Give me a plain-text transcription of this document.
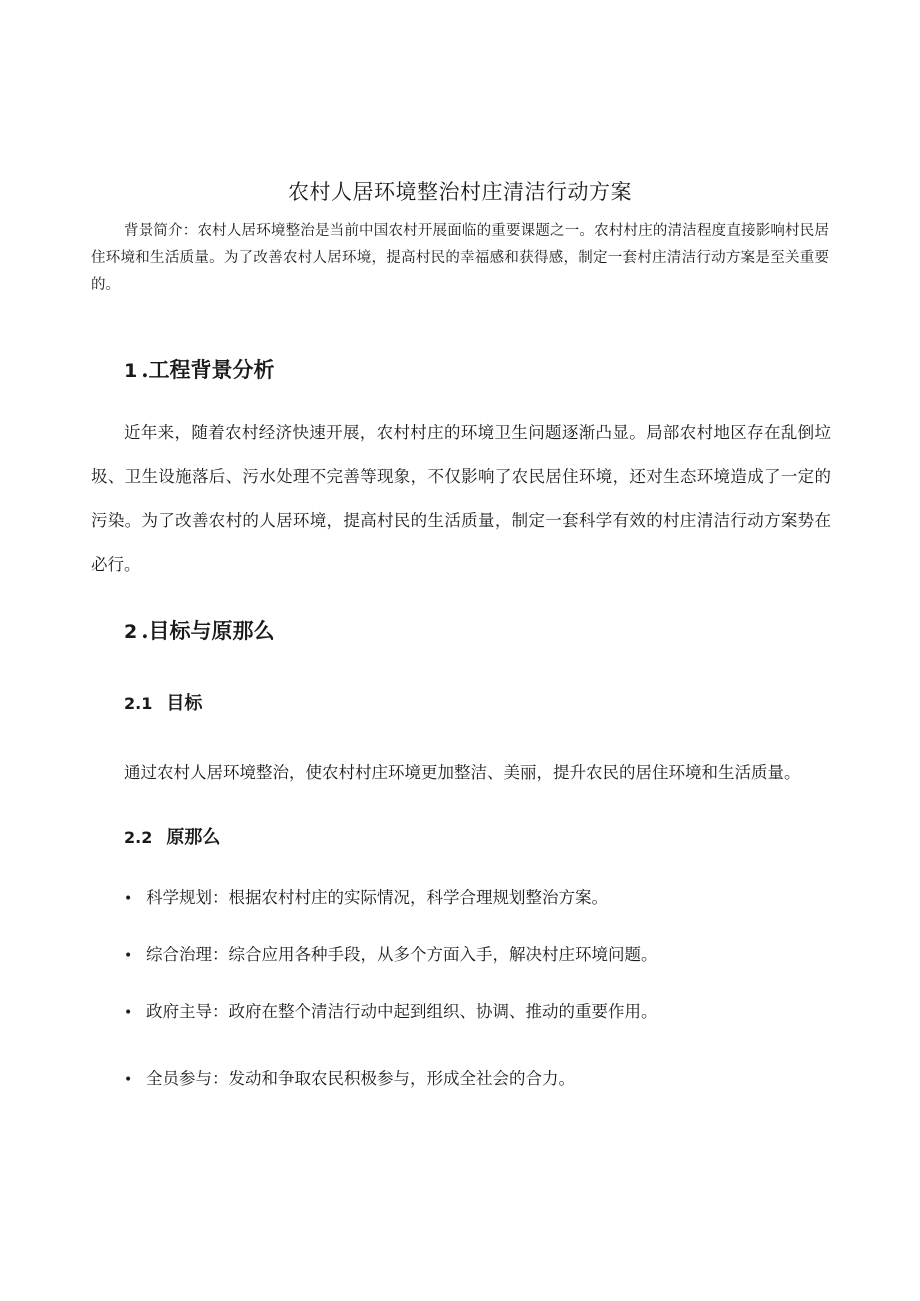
农村人居环境整治村庄清洁行动方案

背景简介：农村人居环境整治是当前中国农村开展面临的重要课题之一。农村村庄的清洁程度直接影响村民居住环境和生活质量。为了改善农村人居环境，提高村民的幸福感和获得感，制定一套村庄清洁行动方案是至关重要的。

1 .工程背景分析

近年来，随着农村经济快速开展，农村村庄的环境卫生问题逐渐凸显。局部农村地区存在乱倒垃圾、卫生设施落后、污水处理不完善等现象，不仅影响了农民居住环境，还对生态环境造成了一定的污染。为了改善农村的人居环境，提高村民的生活质量，制定一套科学有效的村庄清洁行动方案势在必行。

2 .目标与原那么
2.1 目标

通过农村人居环境整治，使农村村庄环境更加整洁、美丽，提升农民的居住环境和生活质量。

2.2 原那么

• 科学规划：根据农村村庄的实际情况，科学合理规划整治方案。

• 综合治理：综合应用各种手段，从多个方面入手，解决村庄环境问题。

• 政府主导：政府在整个清洁行动中起到组织、协调、推动的重要作用。

• 全员参与：发动和争取农民积极参与，形成全社会的合力。
